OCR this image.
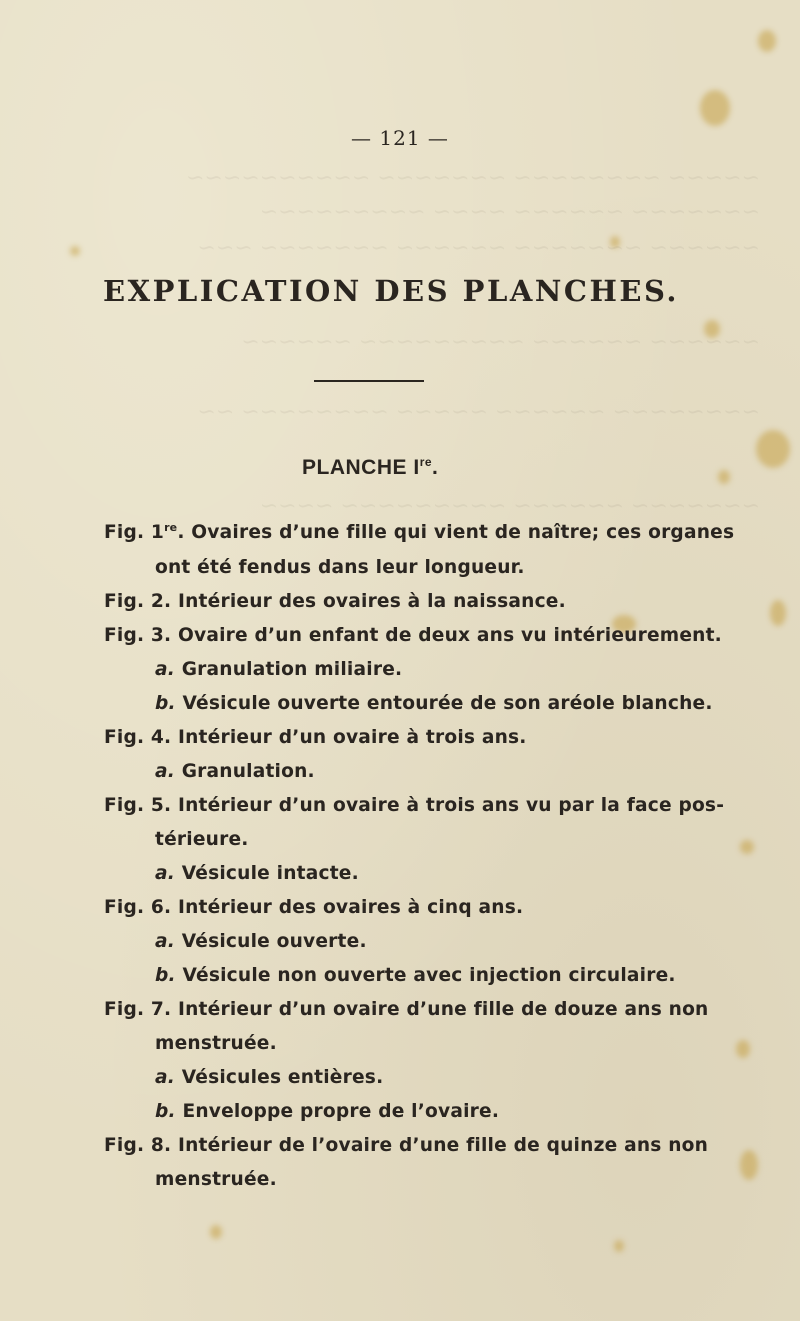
~~~~~ ~~~~~~~~ ~~~~~~~ ~~~~~~~~~~
~~~~~~~ ~~~~~~ ~~~~ ~~~~~~~~~
~~~~~~ ~~~~~~~ ~~~~~~ ~~~~~~~ ~~~
~~~~~~ ~~~~~~ ~~~~~~~~~ ~~~~~~
~~~~~~~~ ~~~~~~ ~~~~~ ~~~~~~~~ ~~
~~~~~~~ ~~~~~~ ~~~~~~~~~ ~~~~
— 121 —
EXPLICATION DES PLANCHES.
PLANCHE Ire.
Fig. 1re. Ovaires d’une fille qui vient de naître; ces organes
ont été fendus dans leur longueur.
Fig. 2. Intérieur des ovaires à la naissance.
Fig. 3. Ovaire d’un enfant de deux ans vu intérieurement.
a. Granulation miliaire.
b. Vésicule ouverte entourée de son aréole blanche.
Fig. 4. Intérieur d’un ovaire à trois ans.
a. Granulation.
Fig. 5. Intérieur d’un ovaire à trois ans vu par la face pos-
térieure.
a. Vésicule intacte.
Fig. 6. Intérieur des ovaires à cinq ans.
a. Vésicule ouverte.
b. Vésicule non ouverte avec injection circulaire.
Fig. 7. Intérieur d’un ovaire d’une fille de douze ans non
menstruée.
a. Vésicules entières.
b. Enveloppe propre de l’ovaire.
Fig. 8. Intérieur de l’ovaire d’une fille de quinze ans non
menstruée.
